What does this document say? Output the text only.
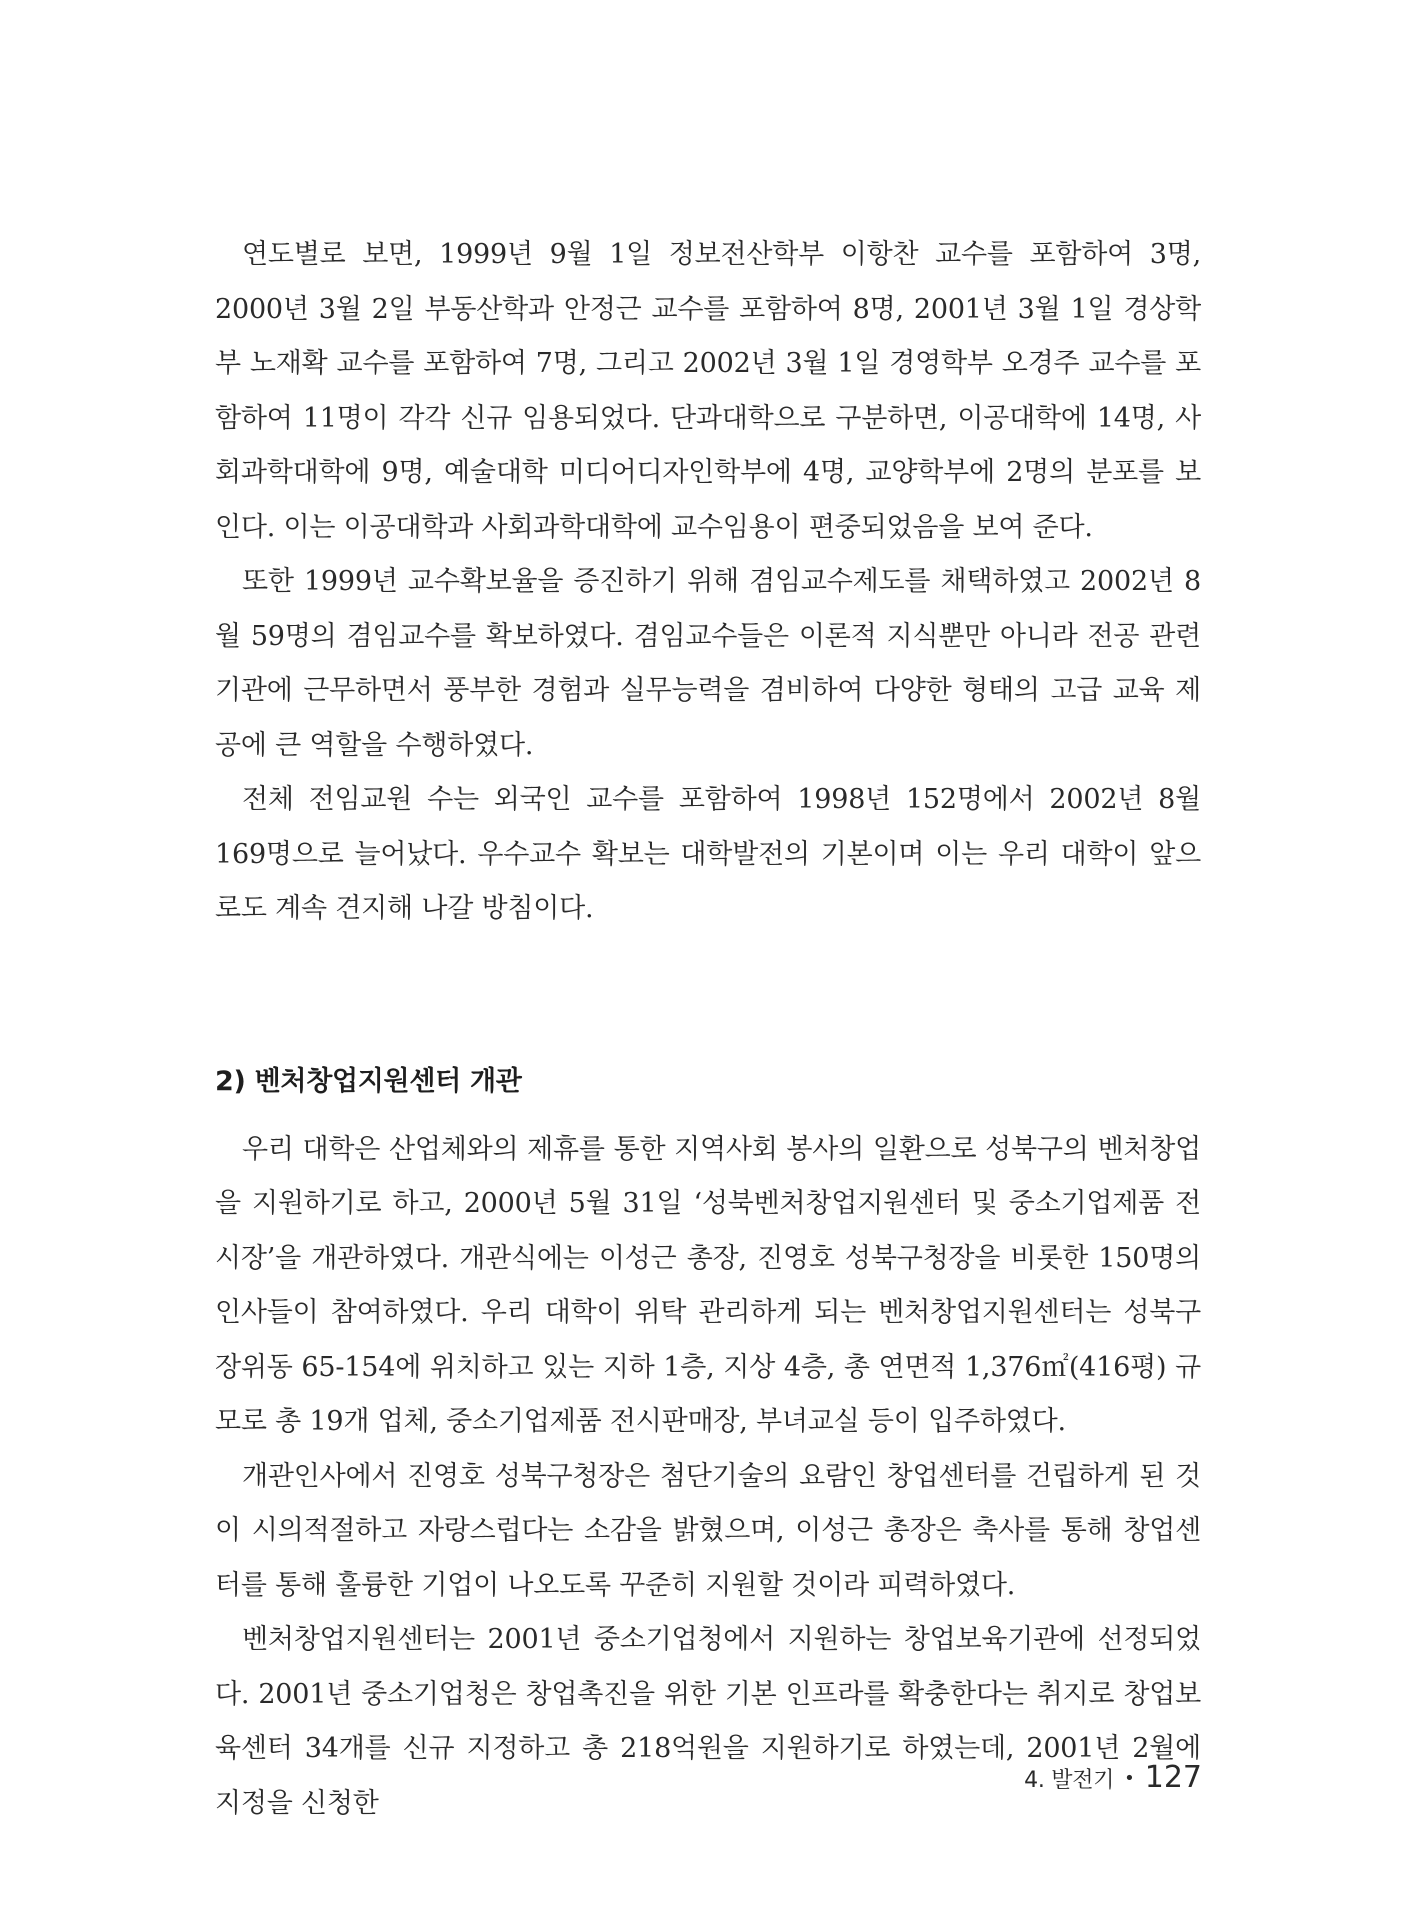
연도별로 보면, 1999년 9월 1일 정보전산학부 이항찬 교수를 포함하여 3명, 2000년 3월 2일 부동산학과 안정근 교수를 포함하여 8명, 2001년 3월 1일 경상학부 노재확 교수를 포함하여 7명, 그리고 2002년 3월 1일 경영학부 오경주 교수를 포함하여 11명이 각각 신규 임용되었다. 단과대학으로 구분하면, 이공대학에 14명, 사회과학대학에 9명, 예술대학 미디어디자인학부에 4명, 교양학부에 2명의 분포를 보인다. 이는 이공대학과 사회과학대학에 교수임용이 편중되었음을 보여 준다.

또한 1999년 교수확보율을 증진하기 위해 겸임교수제도를 채택하였고 2002년 8월 59명의 겸임교수를 확보하였다. 겸임교수들은 이론적 지식뿐만 아니라 전공 관련 기관에 근무하면서 풍부한 경험과 실무능력을 겸비하여 다양한 형태의 고급 교육 제공에 큰 역할을 수행하였다.

전체 전임교원 수는 외국인 교수를 포함하여 1998년 152명에서 2002년 8월 169명으로 늘어났다. 우수교수 확보는 대학발전의 기본이며 이는 우리 대학이 앞으로도 계속 견지해 나갈 방침이다.

2) 벤처창업지원센터 개관

우리 대학은 산업체와의 제휴를 통한 지역사회 봉사의 일환으로 성북구의 벤처창업을 지원하기로 하고, 2000년 5월 31일 ‘성북벤처창업지원센터 및 중소기업제품 전시장’을 개관하였다. 개관식에는 이성근 총장, 진영호 성북구청장을 비롯한 150명의 인사들이 참여하였다. 우리 대학이 위탁 관리하게 되는 벤처창업지원센터는 성북구 장위동 65-154에 위치하고 있는 지하 1층, 지상 4층, 총 연면적 1,376㎡(416평) 규모로 총 19개 업체, 중소기업제품 전시판매장, 부녀교실 등이 입주하였다.

개관인사에서 진영호 성북구청장은 첨단기술의 요람인 창업센터를 건립하게 된 것이 시의적절하고 자랑스럽다는 소감을 밝혔으며, 이성근 총장은 축사를 통해 창업센터를 통해 훌륭한 기업이 나오도록 꾸준히 지원할 것이라 피력하였다.

벤처창업지원센터는 2001년 중소기업청에서 지원하는 창업보육기관에 선정되었다. 2001년 중소기업청은 창업촉진을 위한 기본 인프라를 확충한다는 취지로 창업보육센터 34개를 신규 지정하고 총 218억원을 지원하기로 하였는데, 2001년 2월에 지정을 신청한

4. 발전기 • 127
